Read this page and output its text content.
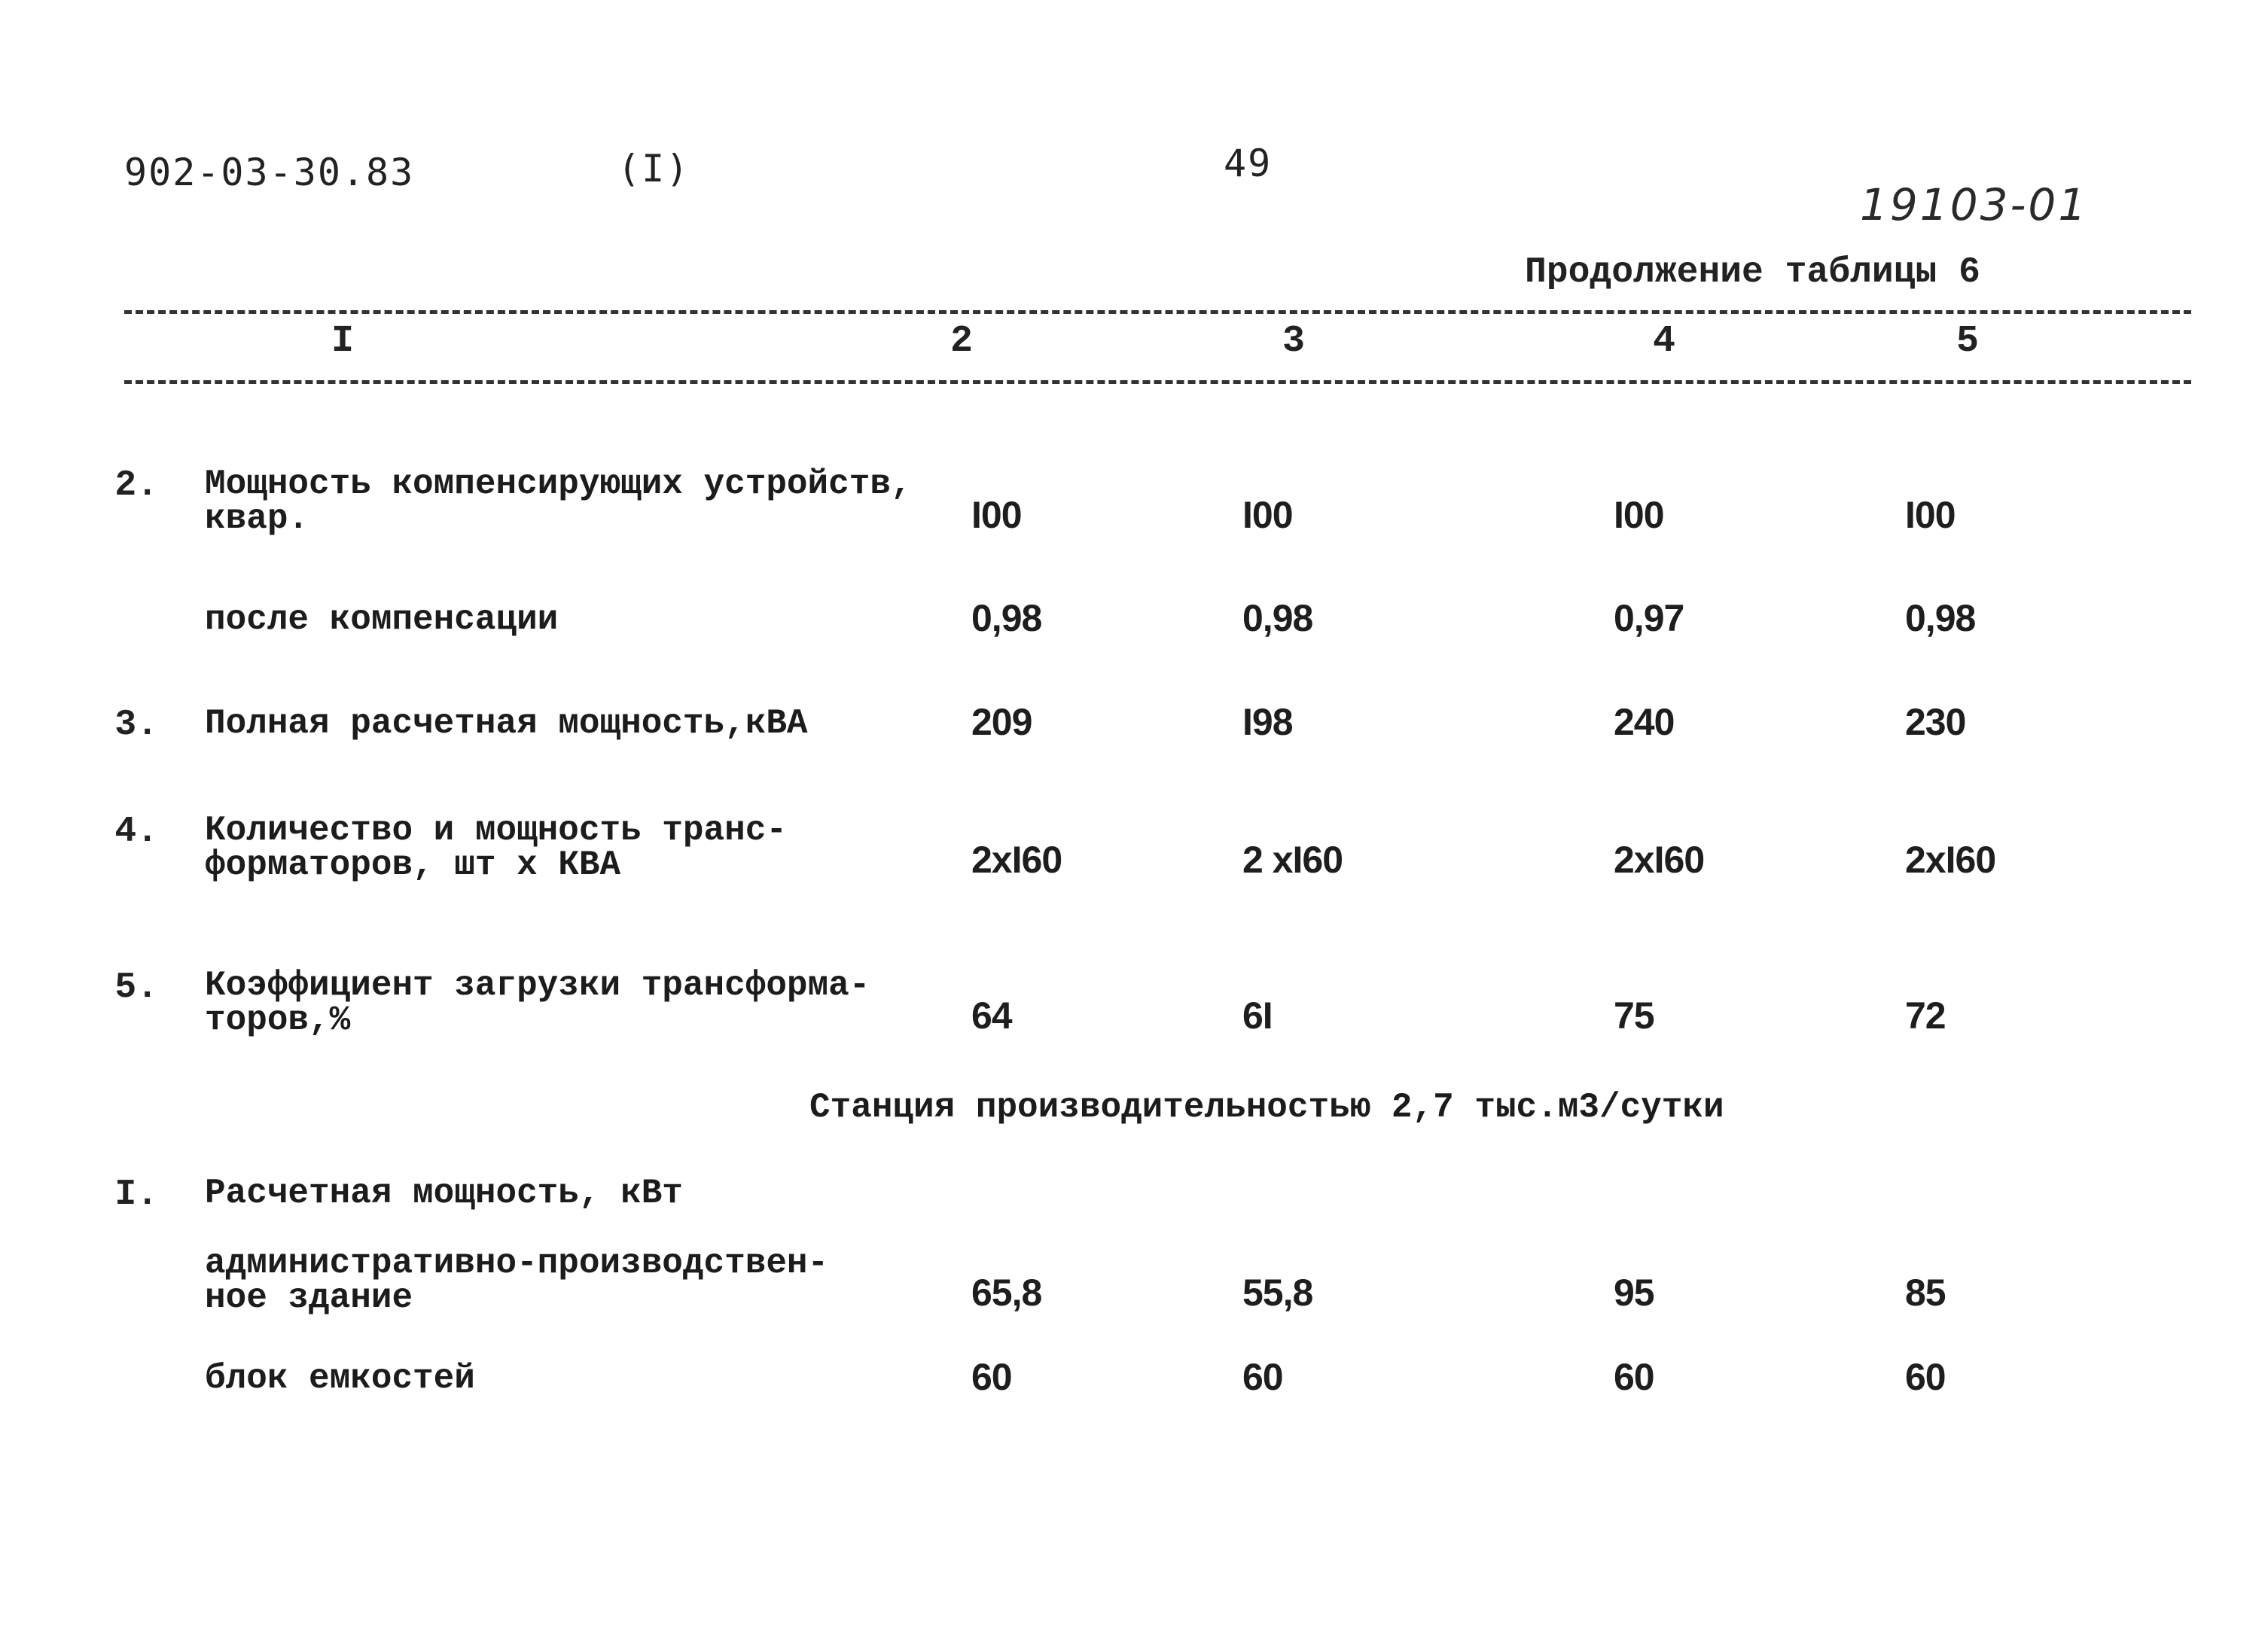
902-03-30.83	(I)	49
19103-01
Продолжение таблицы 6
I	2	3	4	5
2. Мощность компенсирующих устройств,
квар.	I00	I00	I00	I00
после компенсации	0,98	0,98	0,97	0,98
3. Полная расчетная мощность,кВА	209	I98	240	230
4. Количество и мощность транс-
форматоров, шт х КВА	2хI60	2 хI60	2хI60	2хI60
5. Коэффициент загрузки трансформа-
торов,%	64	6I	75	72
Станция производительностью 2,7 тыс.м3/сутки
I. Расчетная мощность, кВт
административно-производствен-
ное здание	65,8	55,8	95	85
блок емкостей	60	60	60	60
